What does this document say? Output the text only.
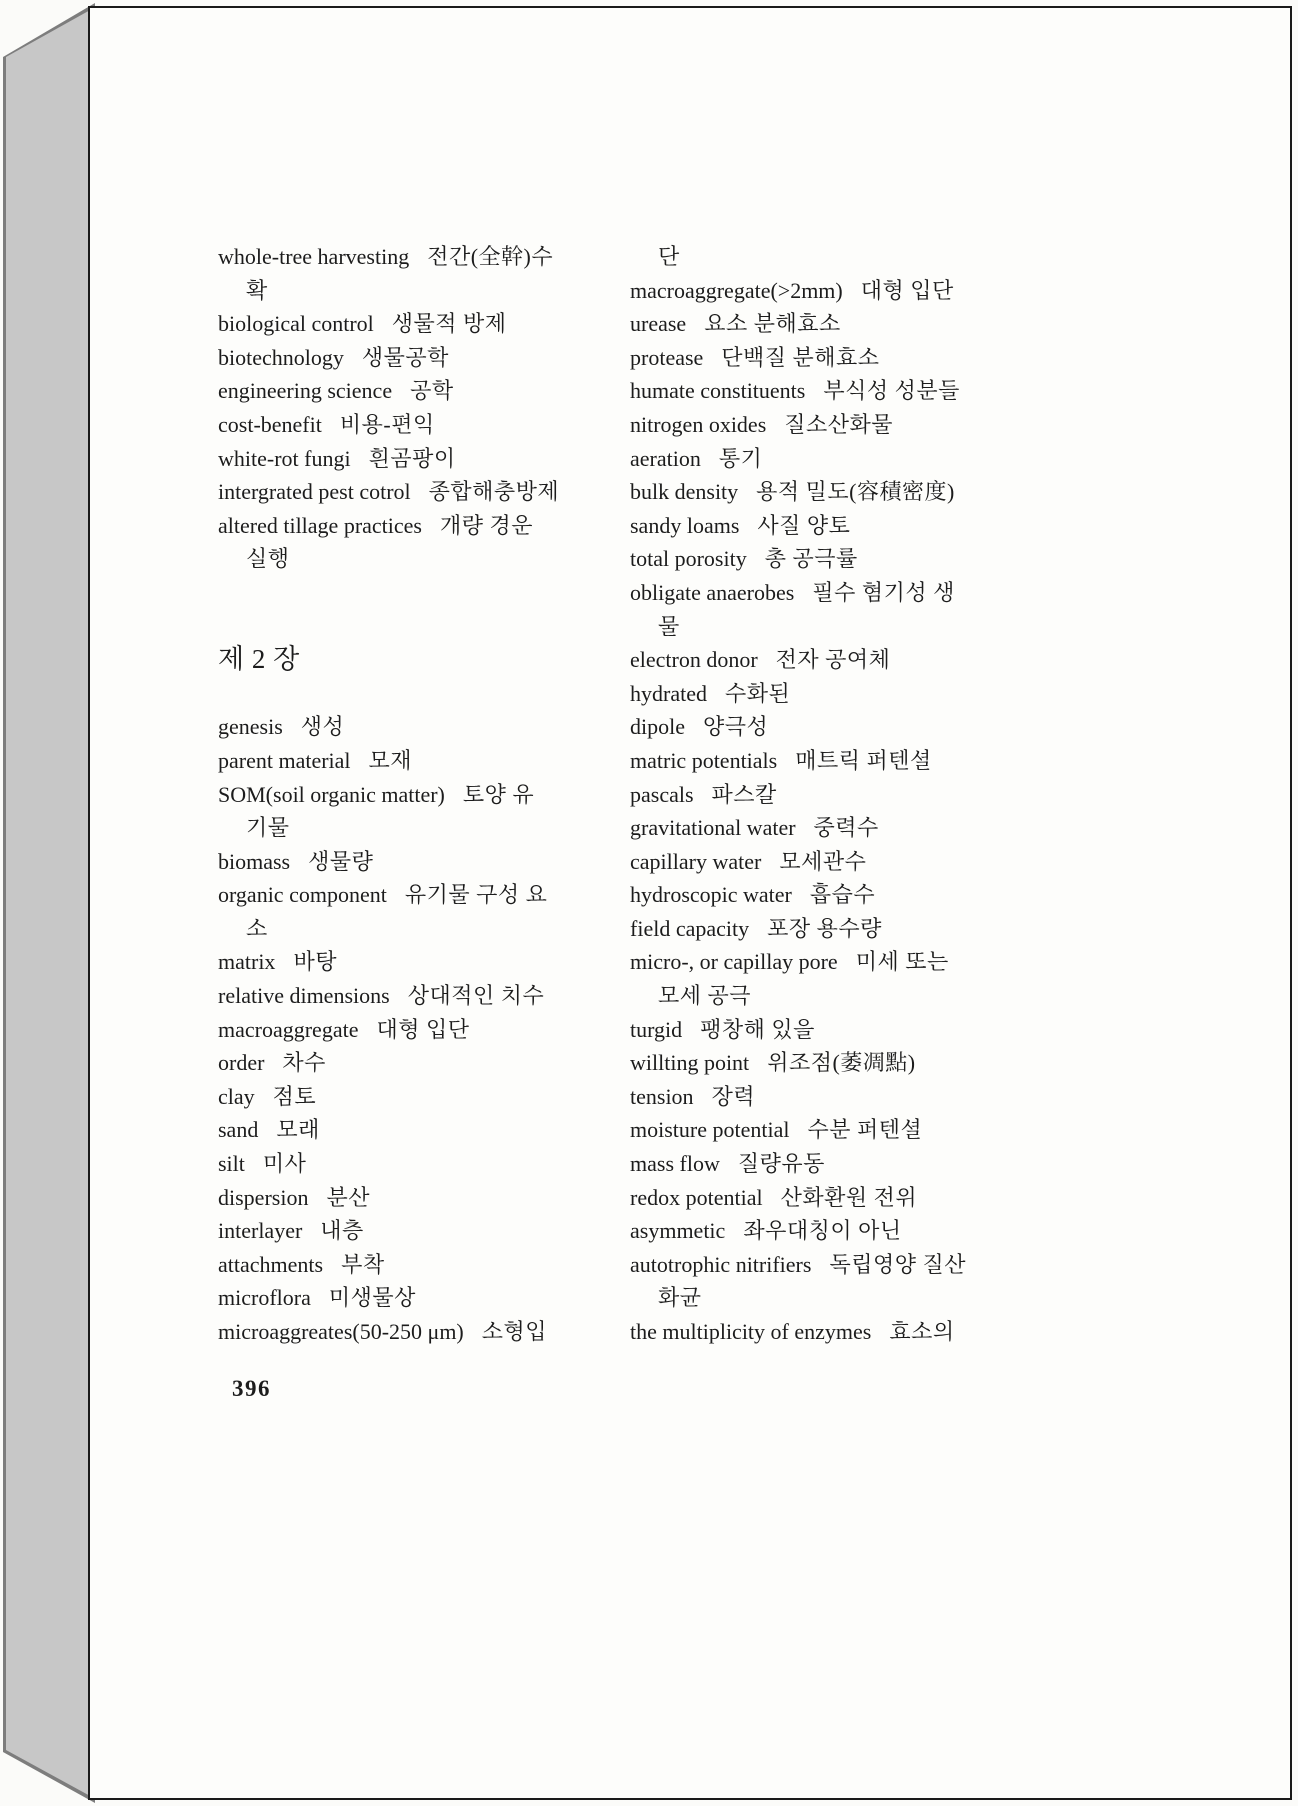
whole-tree harvesting 전간(全幹)수
확
biological control 생물적 방제
biotechnology 생물공학
engineering science 공학
cost-benefit 비용-편익
white-rot fungi 흰곰팡이
intergrated pest cotrol 종합해충방제
altered tillage practices 개량 경운
실행
제 2 장
genesis 생성
parent material 모재
SOM(soil organic matter) 토양 유
기물
biomass 생물량
organic component 유기물 구성 요
소
matrix 바탕
relative dimensions 상대적인 치수
macroaggregate 대형 입단
order 차수
clay 점토
sand 모래
silt 미사
dispersion 분산
interlayer 내층
attachments 부착
microflora 미생물상
microaggreates(50-250 μm) 소형입
단
macroaggregate(>2mm) 대형 입단
urease 요소 분해효소
protease 단백질 분해효소
humate constituents 부식성 성분들
nitrogen oxides 질소산화물
aeration 통기
bulk density 용적 밀도(容積密度)
sandy loams 사질 양토
total porosity 총 공극률
obligate anaerobes 필수 혐기성 생
물
electron donor 전자 공여체
hydrated 수화된
dipole 양극성
matric potentials 매트릭 퍼텐셜
pascals 파스칼
gravitational water 중력수
capillary water 모세관수
hydroscopic water 흡습수
field capacity 포장 용수량
micro-, or capillay pore 미세 또는
모세 공극
turgid 팽창해 있을
willting point 위조점(萎凋點)
tension 장력
moisture potential 수분 퍼텐셜
mass flow 질량유동
redox potential 산화환원 전위
asymmetic 좌우대칭이 아닌
autotrophic nitrifiers 독립영양 질산
화균
the multiplicity of enzymes 효소의
396
